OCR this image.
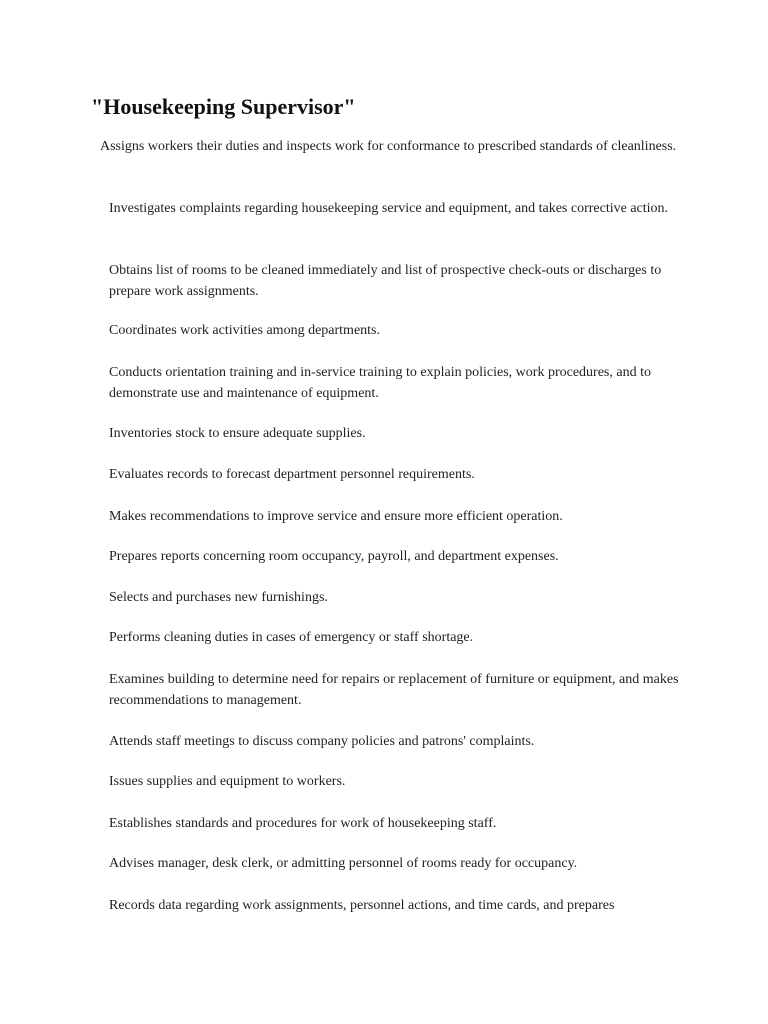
"Housekeeping Supervisor"
Assigns workers their duties and inspects work for conformance to prescribed standards of cleanliness.
Investigates complaints regarding housekeeping service and equipment, and takes corrective action.
Obtains list of rooms to be cleaned immediately and list of prospective check-outs or discharges to prepare work assignments.
Coordinates work activities among departments.
Conducts orientation training and in-service training to explain policies, work procedures, and to demonstrate use and maintenance of equipment.
Inventories stock to ensure adequate supplies.
Evaluates records to forecast department personnel requirements.
Makes recommendations to improve service and ensure more efficient operation.
Prepares reports concerning room occupancy, payroll, and department expenses.
Selects and purchases new furnishings.
Performs cleaning duties in cases of emergency or staff shortage.
Examines building to determine need for repairs or replacement of furniture or equipment, and makes recommendations to management.
Attends staff meetings to discuss company policies and patrons' complaints.
Issues supplies and equipment to workers.
Establishes standards and procedures for work of housekeeping staff.
Advises manager, desk clerk, or admitting personnel of rooms ready for occupancy.
Records data regarding work assignments, personnel actions, and time cards, and prepares
